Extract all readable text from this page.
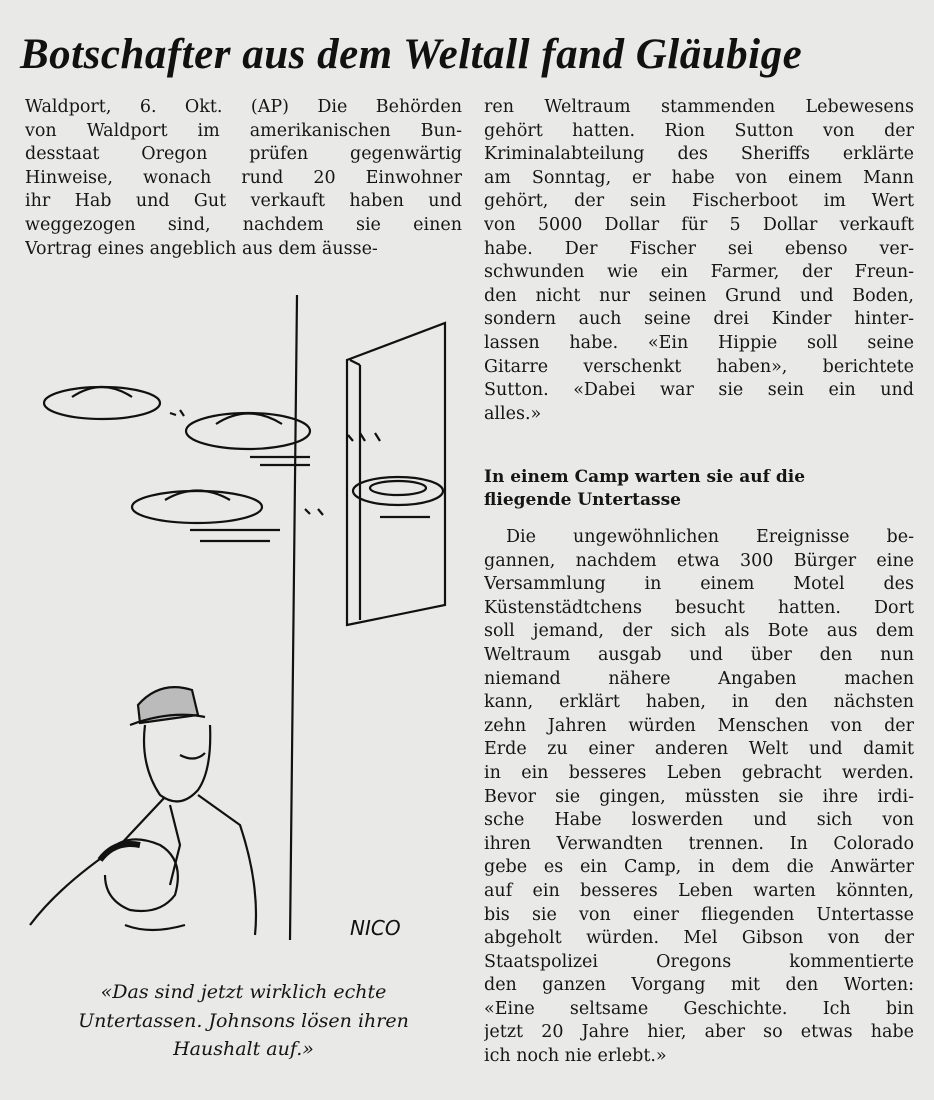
Botschafter aus dem Weltall fand Gläubige
Waldport, 6. Okt. (AP) Die Behörden
von Waldport im amerikanischen Bun-
desstaat Oregon prüfen gegenwärtig
Hinweise, wonach rund 20 Einwohner
ihr Hab und Gut verkauft haben und
weggezogen sind, nachdem sie einen
Vortrag eines angeblich aus dem äusse-
ren Weltraum stammenden Lebewesens
gehört hatten. Rion Sutton von der
Kriminalabteilung des Sheriffs erklärte
am Sonntag, er habe von einem Mann
gehört, der sein Fischerboot im Wert
von 5000 Dollar für 5 Dollar verkauft
habe. Der Fischer sei ebenso ver-
schwunden wie ein Farmer, der Freun-
den nicht nur seinen Grund und Boden,
sondern auch seine drei Kinder hinter-
lassen habe. «Ein Hippie soll seine
Gitarre verschenkt haben», berichtete
Sutton. «Dabei war sie sein ein und
alles.»
In einem Camp warten sie auf die
fliegende Untertasse
Die ungewöhnlichen Ereignisse be-
gannen, nachdem etwa 300 Bürger eine
Versammlung in einem Motel des
Küstenstädtchens besucht hatten. Dort
soll jemand, der sich als Bote aus dem
Weltraum ausgab und über den nun
niemand nähere Angaben machen
kann, erklärt haben, in den nächsten
zehn Jahren würden Menschen von der
Erde zu einer anderen Welt und damit
in ein besseres Leben gebracht werden.
Bevor sie gingen, müssten sie ihre irdi-
sche Habe loswerden und sich von
ihren Verwandten trennen. In Colorado
gebe es ein Camp, in dem die Anwärter
auf ein besseres Leben warten könnten,
bis sie von einer fliegenden Untertasse
abgeholt würden. Mel Gibson von der
Staatspolizei Oregons kommentierte
den ganzen Vorgang mit den Worten:
«Eine seltsame Geschichte. Ich bin
jetzt 20 Jahre hier, aber so etwas habe
ich noch nie erlebt.»
NICO
«Das sind jetzt wirklich echte
Untertassen. Johnsons lösen ihren
Haushalt auf.»
